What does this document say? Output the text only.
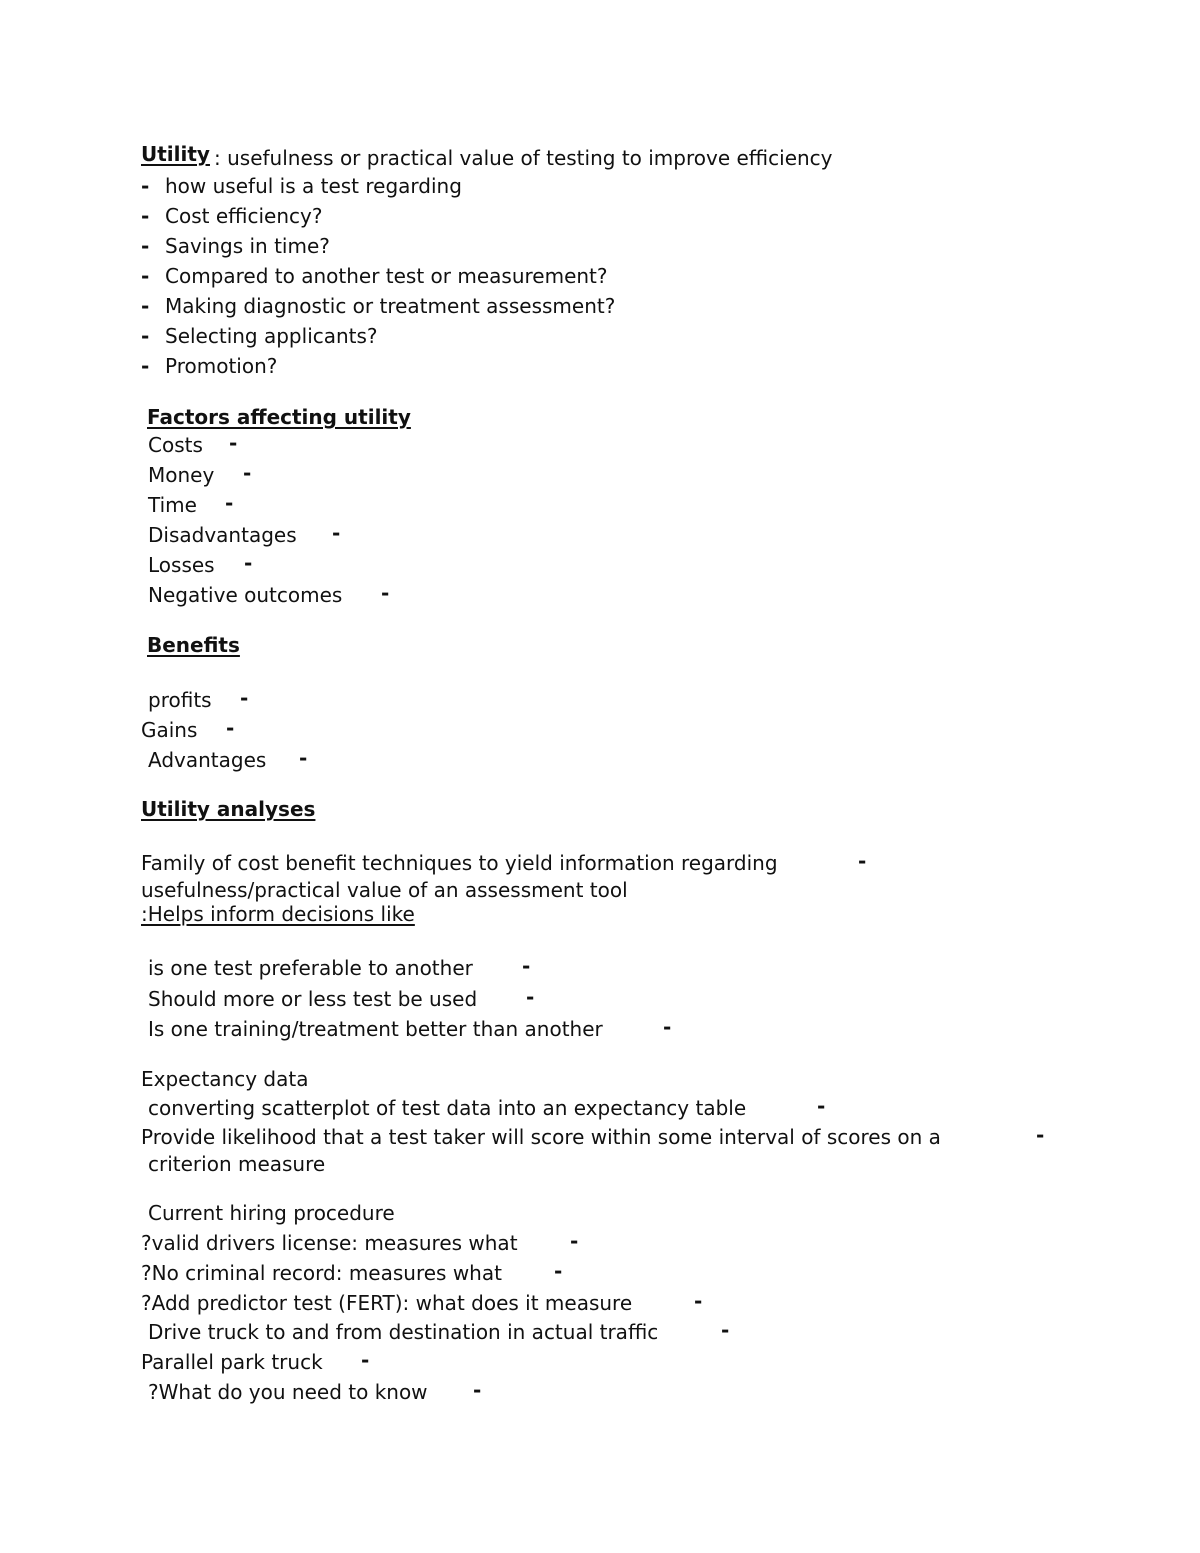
Utility : usefulness or practical value of testing to improve efficiency
- how useful is a test regarding
- Cost efficiency?
- Savings in time?
- Compared to another test or measurement?
- Making diagnostic or treatment assessment?
- Selecting applicants?
- Promotion?
Factors affecting utility
Costs -
Money -
Time -
Disadvantages -
Losses -
Negative outcomes -
Benefits
profits -
Gains -
Advantages -
Utility analyses
Family of cost benefit techniques to yield information regarding	-
usefulness/practical value of an assessment tool
:Helps inform decisions like
is one test preferable to another -
Should more or less test be used -
Is one training/treatment better than another	-
Expectancy data
converting scatterplot of test data into an expectancy table	-
Provide likelihood that a test taker will score within some interval of scores on a	-
criterion measure
Current hiring procedure
?valid drivers license: measures what	-
?No criminal record: measures what	-
?Add predictor test (FERT): what does it measure	-
Drive truck to and from destination in actual traffic	-
Parallel park truck -
?What do you need to know -
